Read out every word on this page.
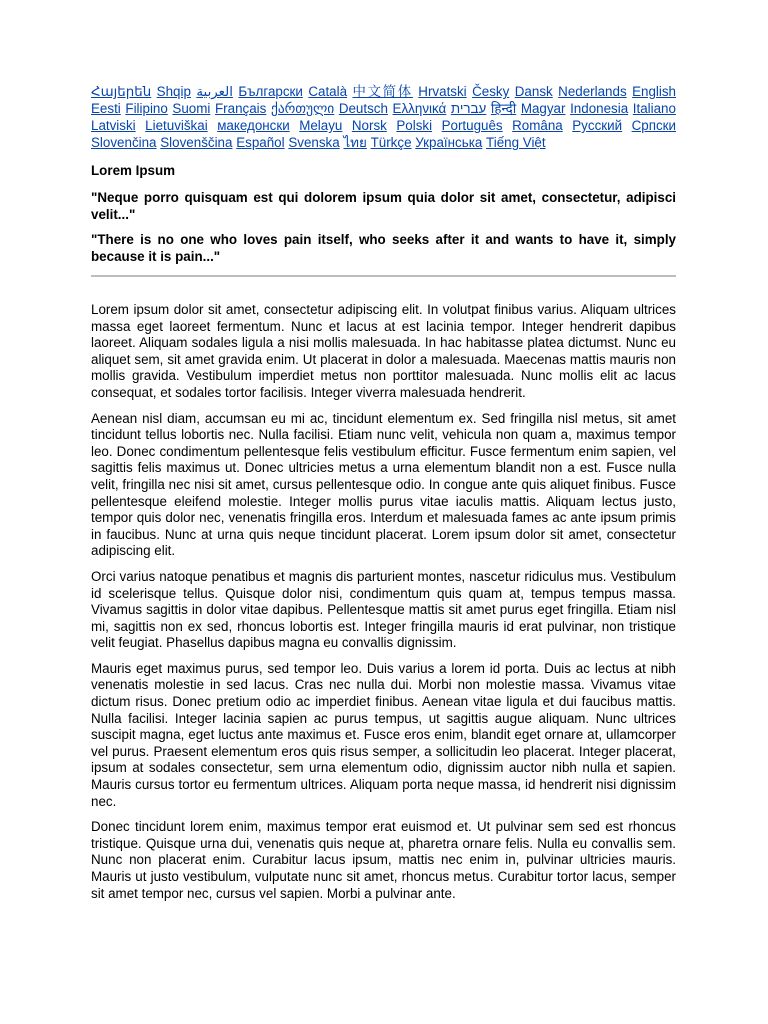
Հայերեն Shqip العربية Български Català 中文简体 Hrvatski Česky Dansk Nederlands English Eesti Filipino Suomi Français ქართული Deutsch Ελληνικά עברית हिन्दी Magyar Indonesia Italiano Latviski Lietuviškai македонски Melayu Norsk Polski Português Româna Pyccкий Српски Slovenčina Slovenščina Español Svenska ไทย Türkçe Українська Tiếng Việt
Lorem Ipsum

"Neque porro quisquam est qui dolorem ipsum quia dolor sit amet, consectetur, adipisci velit..."

"There is no one who loves pain itself, who seeks after it and wants to have it, simply because it is pain..."

Lorem ipsum dolor sit amet, consectetur adipiscing elit. In volutpat finibus varius. Aliquam ultrices massa eget laoreet fermentum. Nunc et lacus at est lacinia tempor. Integer hendrerit dapibus laoreet. Aliquam sodales ligula a nisi mollis malesuada. In hac habitasse platea dictumst. Nunc eu aliquet sem, sit amet gravida enim. Ut placerat in dolor a malesuada. Maecenas mattis mauris non mollis gravida. Vestibulum imperdiet metus non porttitor malesuada. Nunc mollis elit ac lacus consequat, et sodales tortor facilisis. Integer viverra malesuada hendrerit.

Aenean nisl diam, accumsan eu mi ac, tincidunt elementum ex. Sed fringilla nisl metus, sit amet tincidunt tellus lobortis nec. Nulla facilisi. Etiam nunc velit, vehicula non quam a, maximus tempor leo. Donec condimentum pellentesque felis vestibulum efficitur. Fusce fermentum enim sapien, vel sagittis felis maximus ut. Donec ultricies metus a urna elementum blandit non a est. Fusce nulla velit, fringilla nec nisi sit amet, cursus pellentesque odio. In congue ante quis aliquet finibus. Fusce pellentesque eleifend molestie. Integer mollis purus vitae iaculis mattis. Aliquam lectus justo, tempor quis dolor nec, venenatis fringilla eros. Interdum et malesuada fames ac ante ipsum primis in faucibus. Nunc at urna quis neque tincidunt placerat. Lorem ipsum dolor sit amet, consectetur adipiscing elit.

Orci varius natoque penatibus et magnis dis parturient montes, nascetur ridiculus mus. Vestibulum id scelerisque tellus. Quisque dolor nisi, condimentum quis quam at, tempus tempus massa. Vivamus sagittis in dolor vitae dapibus. Pellentesque mattis sit amet purus eget fringilla. Etiam nisl mi, sagittis non ex sed, rhoncus lobortis est. Integer fringilla mauris id erat pulvinar, non tristique velit feugiat. Phasellus dapibus magna eu convallis dignissim.

Mauris eget maximus purus, sed tempor leo. Duis varius a lorem id porta. Duis ac lectus at nibh venenatis molestie in sed lacus. Cras nec nulla dui. Morbi non molestie massa. Vivamus vitae dictum risus. Donec pretium odio ac imperdiet finibus. Aenean vitae ligula et dui faucibus mattis. Nulla facilisi. Integer lacinia sapien ac purus tempus, ut sagittis augue aliquam. Nunc ultrices suscipit magna, eget luctus ante maximus et. Fusce eros enim, blandit eget ornare at, ullamcorper vel purus. Praesent elementum eros quis risus semper, a sollicitudin leo placerat. Integer placerat, ipsum at sodales consectetur, sem urna elementum odio, dignissim auctor nibh nulla et sapien. Mauris cursus tortor eu fermentum ultrices. Aliquam porta neque massa, id hendrerit nisi dignissim nec.

Donec tincidunt lorem enim, maximus tempor erat euismod et. Ut pulvinar sem sed est rhoncus tristique. Quisque urna dui, venenatis quis neque at, pharetra ornare felis. Nulla eu convallis sem. Nunc non placerat enim. Curabitur lacus ipsum, mattis nec enim in, pulvinar ultricies mauris. Mauris ut justo vestibulum, vulputate nunc sit amet, rhoncus metus. Curabitur tortor lacus, semper sit amet tempor nec, cursus vel sapien. Morbi a pulvinar ante.
